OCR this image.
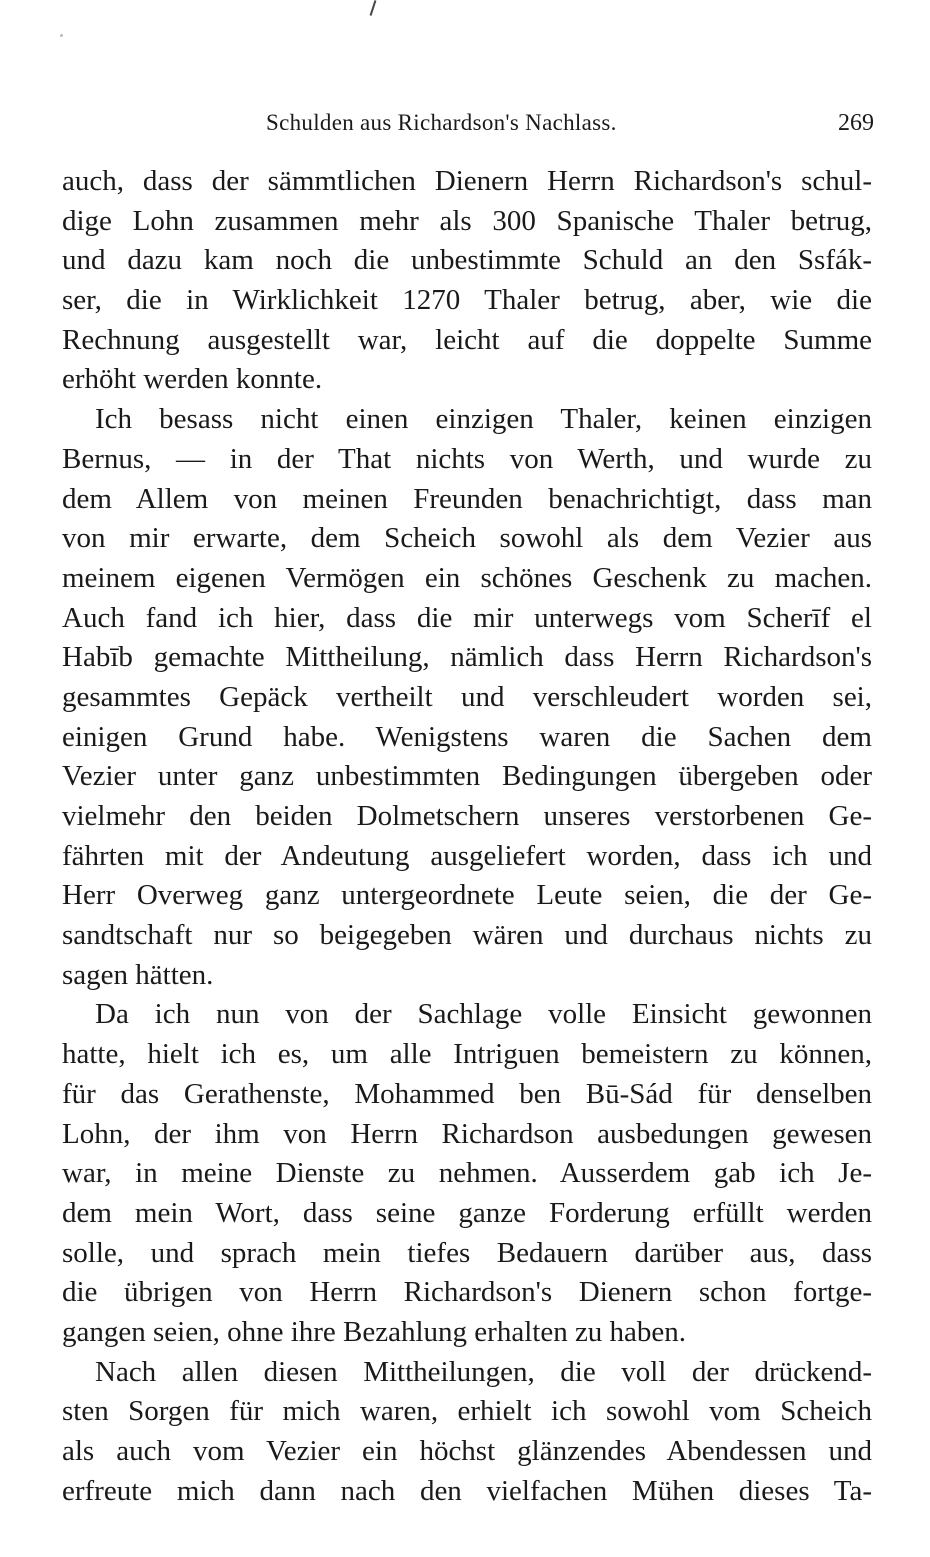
Schulden aus Richardson's Nachlass.	269
auch, dass der sämmtlichen Dienern Herrn Richardson's schul-
dige Lohn zusammen mehr als 300 Spanische Thaler betrug,
und dazu kam noch die unbestimmte Schuld an den Ssfák-
ser, die in Wirklichkeit 1270 Thaler betrug, aber, wie die
Rechnung ausgestellt war, leicht auf die doppelte Summe
erhöht werden konnte.
Ich besass nicht einen einzigen Thaler, keinen einzigen
Bernus, — in der That nichts von Werth, und wurde zu
dem Allem von meinen Freunden benachrichtigt, dass man
von mir erwarte, dem Scheich sowohl als dem Vezier aus
meinem eigenen Vermögen ein schönes Geschenk zu machen.
Auch fand ich hier, dass die mir unterwegs vom Scherīf el
Habīb gemachte Mittheilung, nämlich dass Herrn Richardson's
gesammtes Gepäck vertheilt und verschleudert worden sei,
einigen Grund habe. Wenigstens waren die Sachen dem
Vezier unter ganz unbestimmten Bedingungen übergeben oder
vielmehr den beiden Dolmetschern unseres verstorbenen Ge-
fährten mit der Andeutung ausgeliefert worden, dass ich und
Herr Overweg ganz untergeordnete Leute seien, die der Ge-
sandtschaft nur so beigegeben wären und durchaus nichts zu
sagen hätten.
Da ich nun von der Sachlage volle Einsicht gewonnen
hatte, hielt ich es, um alle Intriguen bemeistern zu können,
für das Gerathenste, Mohammed ben Bū-Sád für denselben
Lohn, der ihm von Herrn Richardson ausbedungen gewesen
war, in meine Dienste zu nehmen. Ausserdem gab ich Je-
dem mein Wort, dass seine ganze Forderung erfüllt werden
solle, und sprach mein tiefes Bedauern darüber aus, dass
die übrigen von Herrn Richardson's Dienern schon fortge-
gangen seien, ohne ihre Bezahlung erhalten zu haben.
Nach allen diesen Mittheilungen, die voll der drückend-
sten Sorgen für mich waren, erhielt ich sowohl vom Scheich
als auch vom Vezier ein höchst glänzendes Abendessen und
erfreute mich dann nach den vielfachen Mühen dieses Ta-
